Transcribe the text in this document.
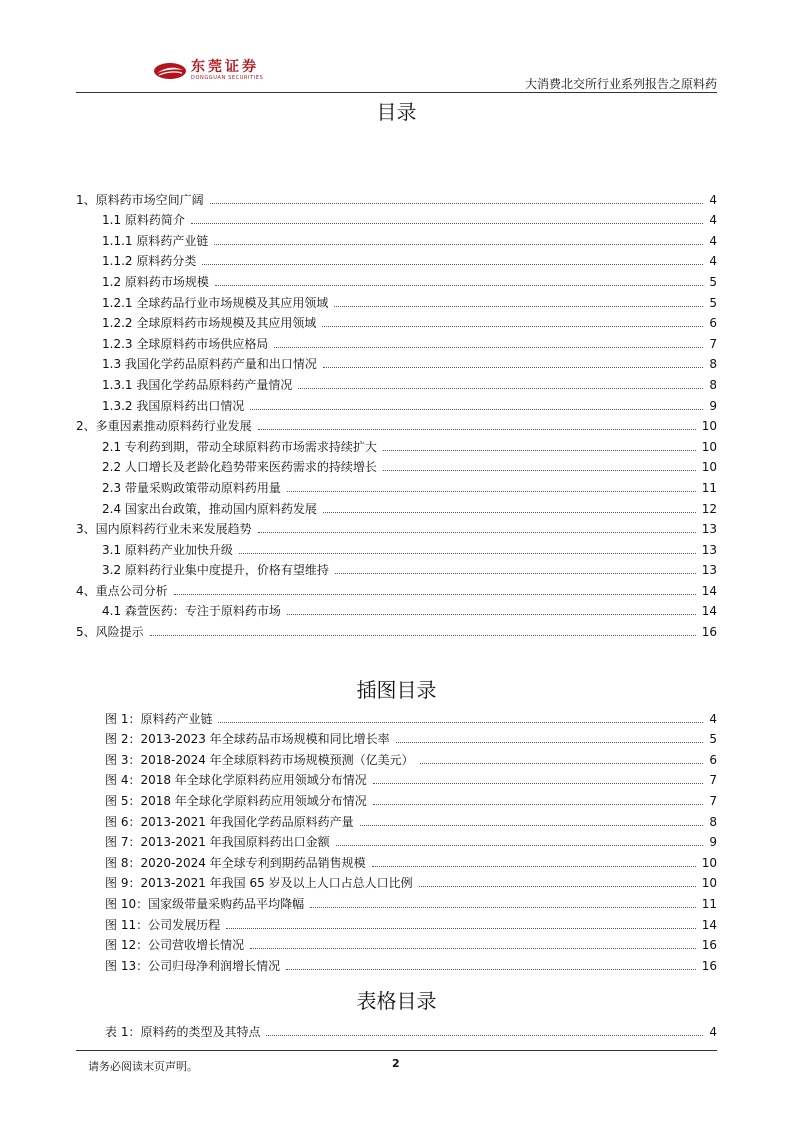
东莞证券
DONGGUAN SECURITIES	大消费北交所行业系列报告之原料药
目录
1、原料药市场空间广阔	4
1.1 原料药简介	4
1.1.1 原料药产业链	4
1.1.2 原料药分类	4
1.2 原料药市场规模	5
1.2.1 全球药品行业市场规模及其应用领域	5
1.2.2 全球原料药市场规模及其应用领域	6
1.2.3 全球原料药市场供应格局	7
1.3 我国化学药品原料药产量和出口情况	8
1.3.1 我国化学药品原料药产量情况	8
1.3.2 我国原料药出口情况	9
2、多重因素推动原料药行业发展	10
2.1 专利药到期，带动全球原料药市场需求持续扩大	10
2.2 人口增长及老龄化趋势带来医药需求的持续增长	10
2.3 带量采购政策带动原料药用量	11
2.4 国家出台政策，推动国内原料药发展	12
3、国内原料药行业未来发展趋势	13
3.1 原料药产业加快升级	13
3.2 原料药行业集中度提升，价格有望维持	13
4、重点公司分析	14
4.1 森萱医药：专注于原料药市场	14
5、风险提示	16
插图目录
图 1：原料药产业链	4
图 2：2013-2023 年全球药品市场规模和同比增长率	5
图 3：2018-2024 年全球原料药市场规模预测（亿美元）	6
图 4：2018 年全球化学原料药应用领域分布情况	7
图 5：2018 年全球化学原料药应用领域分布情况	7
图 6：2013-2021 年我国化学药品原料药产量	8
图 7：2013-2021 年我国原料药出口金额	9
图 8：2020-2024 年全球专利到期药品销售规模	10
图 9：2013-2021 年我国 65 岁及以上人口占总人口比例	10
图 10：国家级带量采购药品平均降幅	11
图 11：公司发展历程	14
图 12：公司营收增长情况	16
图 13：公司归母净利润增长情况	16
表格目录
表 1：原料药的类型及其特点	4
请务必阅读末页声明。	2
